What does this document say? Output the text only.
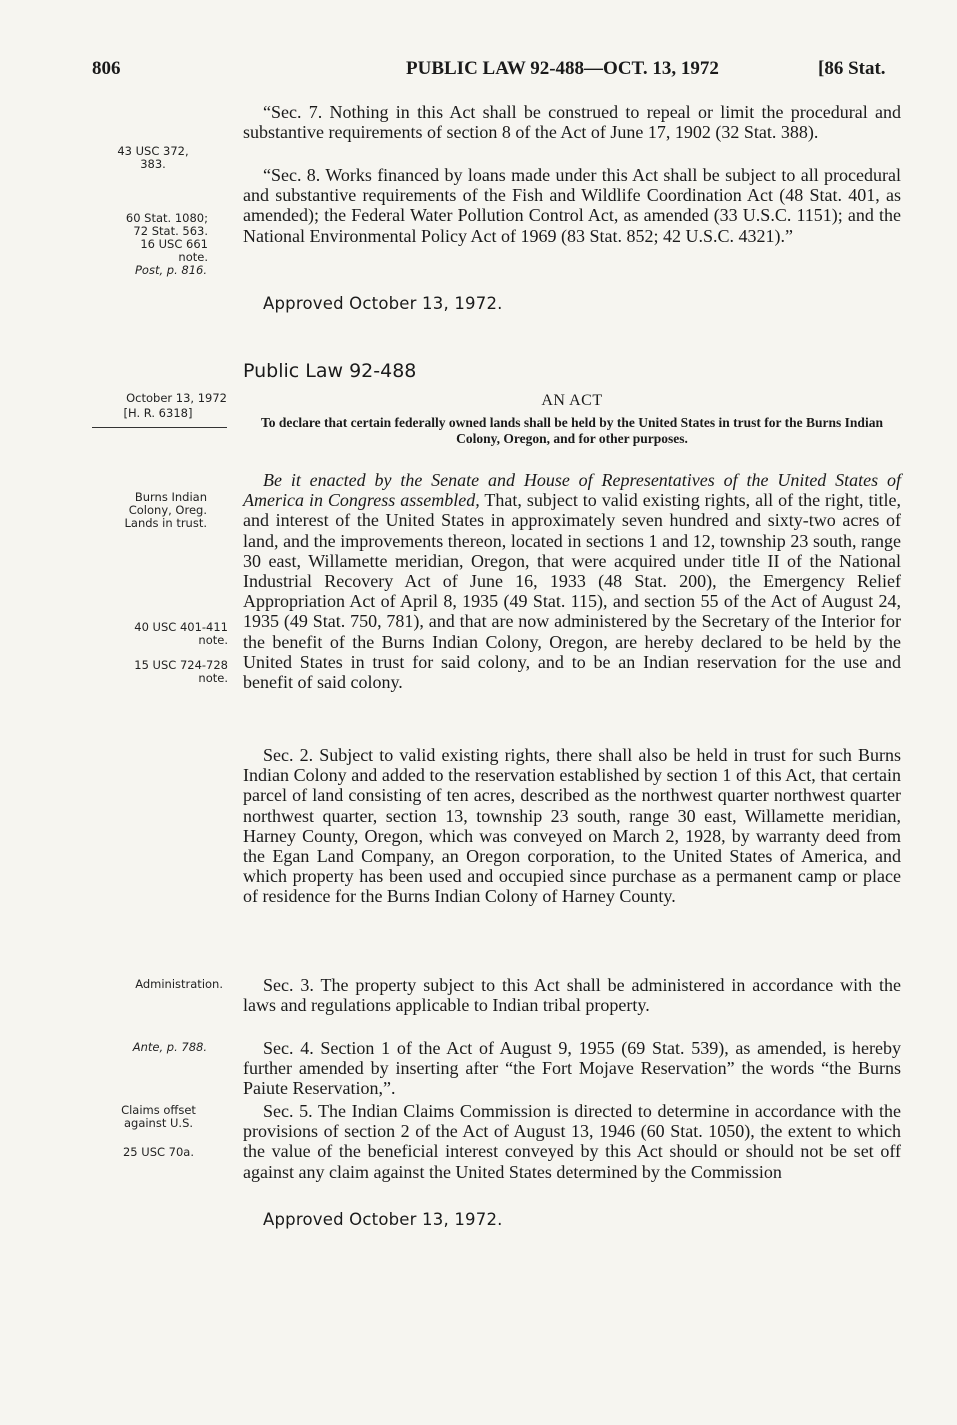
806	PUBLIC LAW 92-488—OCT. 13, 1972	[86 Stat.
43 USC 372,
383.
60 Stat. 1080;
72 Stat. 563.
16 USC 661
note.
Post, p. 816.
October 13, 1972
[H. R. 6318]
Burns Indian
Colony, Oreg.
Lands in trust.
40 USC 401-411
note.
15 USC 724-728
note.
Administration.
Ante, p. 788.
Claims offset
against U.S.
25 USC 70a.
“Sec. 7. Nothing in this Act shall be construed to repeal or limit the procedural and substantive requirements of section 8 of the Act of June 17, 1902 (32 Stat. 388).
“Sec. 8. Works financed by loans made under this Act shall be subject to all procedural and substantive requirements of the Fish and Wildlife Coordination Act (48 Stat. 401, as amended); the Federal Water Pollution Control Act, as amended (33 U.S.C. 1151); and the National Environmental Policy Act of 1969 (83 Stat. 852; 42 U.S.C. 4321).”
Approved October 13, 1972.
Public Law 92-488
AN ACT
To declare that certain federally owned lands shall be held by the United States in trust for the Burns Indian Colony, Oregon, and for other purposes.
Be it enacted by the Senate and House of Representatives of the United States of America in Congress assembled, That, subject to valid existing rights, all of the right, title, and interest of the United States in approximately seven hundred and sixty-two acres of land, and the improvements thereon, located in sections 1 and 12, township 23 south, range 30 east, Willamette meridian, Oregon, that were acquired under title II of the National Industrial Recovery Act of June 16, 1933 (48 Stat. 200), the Emergency Relief Appropriation Act of April 8, 1935 (49 Stat. 115), and section 55 of the Act of August 24, 1935 (49 Stat. 750, 781), and that are now administered by the Secretary of the Interior for the benefit of the Burns Indian Colony, Oregon, are hereby declared to be held by the United States in trust for said colony, and to be an Indian reservation for the use and benefit of said colony.
Sec. 2. Subject to valid existing rights, there shall also be held in trust for such Burns Indian Colony and added to the reservation established by section 1 of this Act, that certain parcel of land consisting of ten acres, described as the northwest quarter northwest quarter northwest quarter, section 13, township 23 south, range 30 east, Willamette meridian, Harney County, Oregon, which was conveyed on March 2, 1928, by warranty deed from the Egan Land Company, an Oregon corporation, to the United States of America, and which property has been used and occupied since purchase as a permanent camp or place of residence for the Burns Indian Colony of Harney County.
Sec. 3. The property subject to this Act shall be administered in accordance with the laws and regulations applicable to Indian tribal property.
Sec. 4. Section 1 of the Act of August 9, 1955 (69 Stat. 539), as amended, is hereby further amended by inserting after “the Fort Mojave Reservation” the words “the Burns Paiute Reservation,”.
Sec. 5. The Indian Claims Commission is directed to determine in accordance with the provisions of section 2 of the Act of August 13, 1946 (60 Stat. 1050), the extent to which the value of the beneficial interest conveyed by this Act should or should not be set off against any claim against the United States determined by the Commission
Approved October 13, 1972.
